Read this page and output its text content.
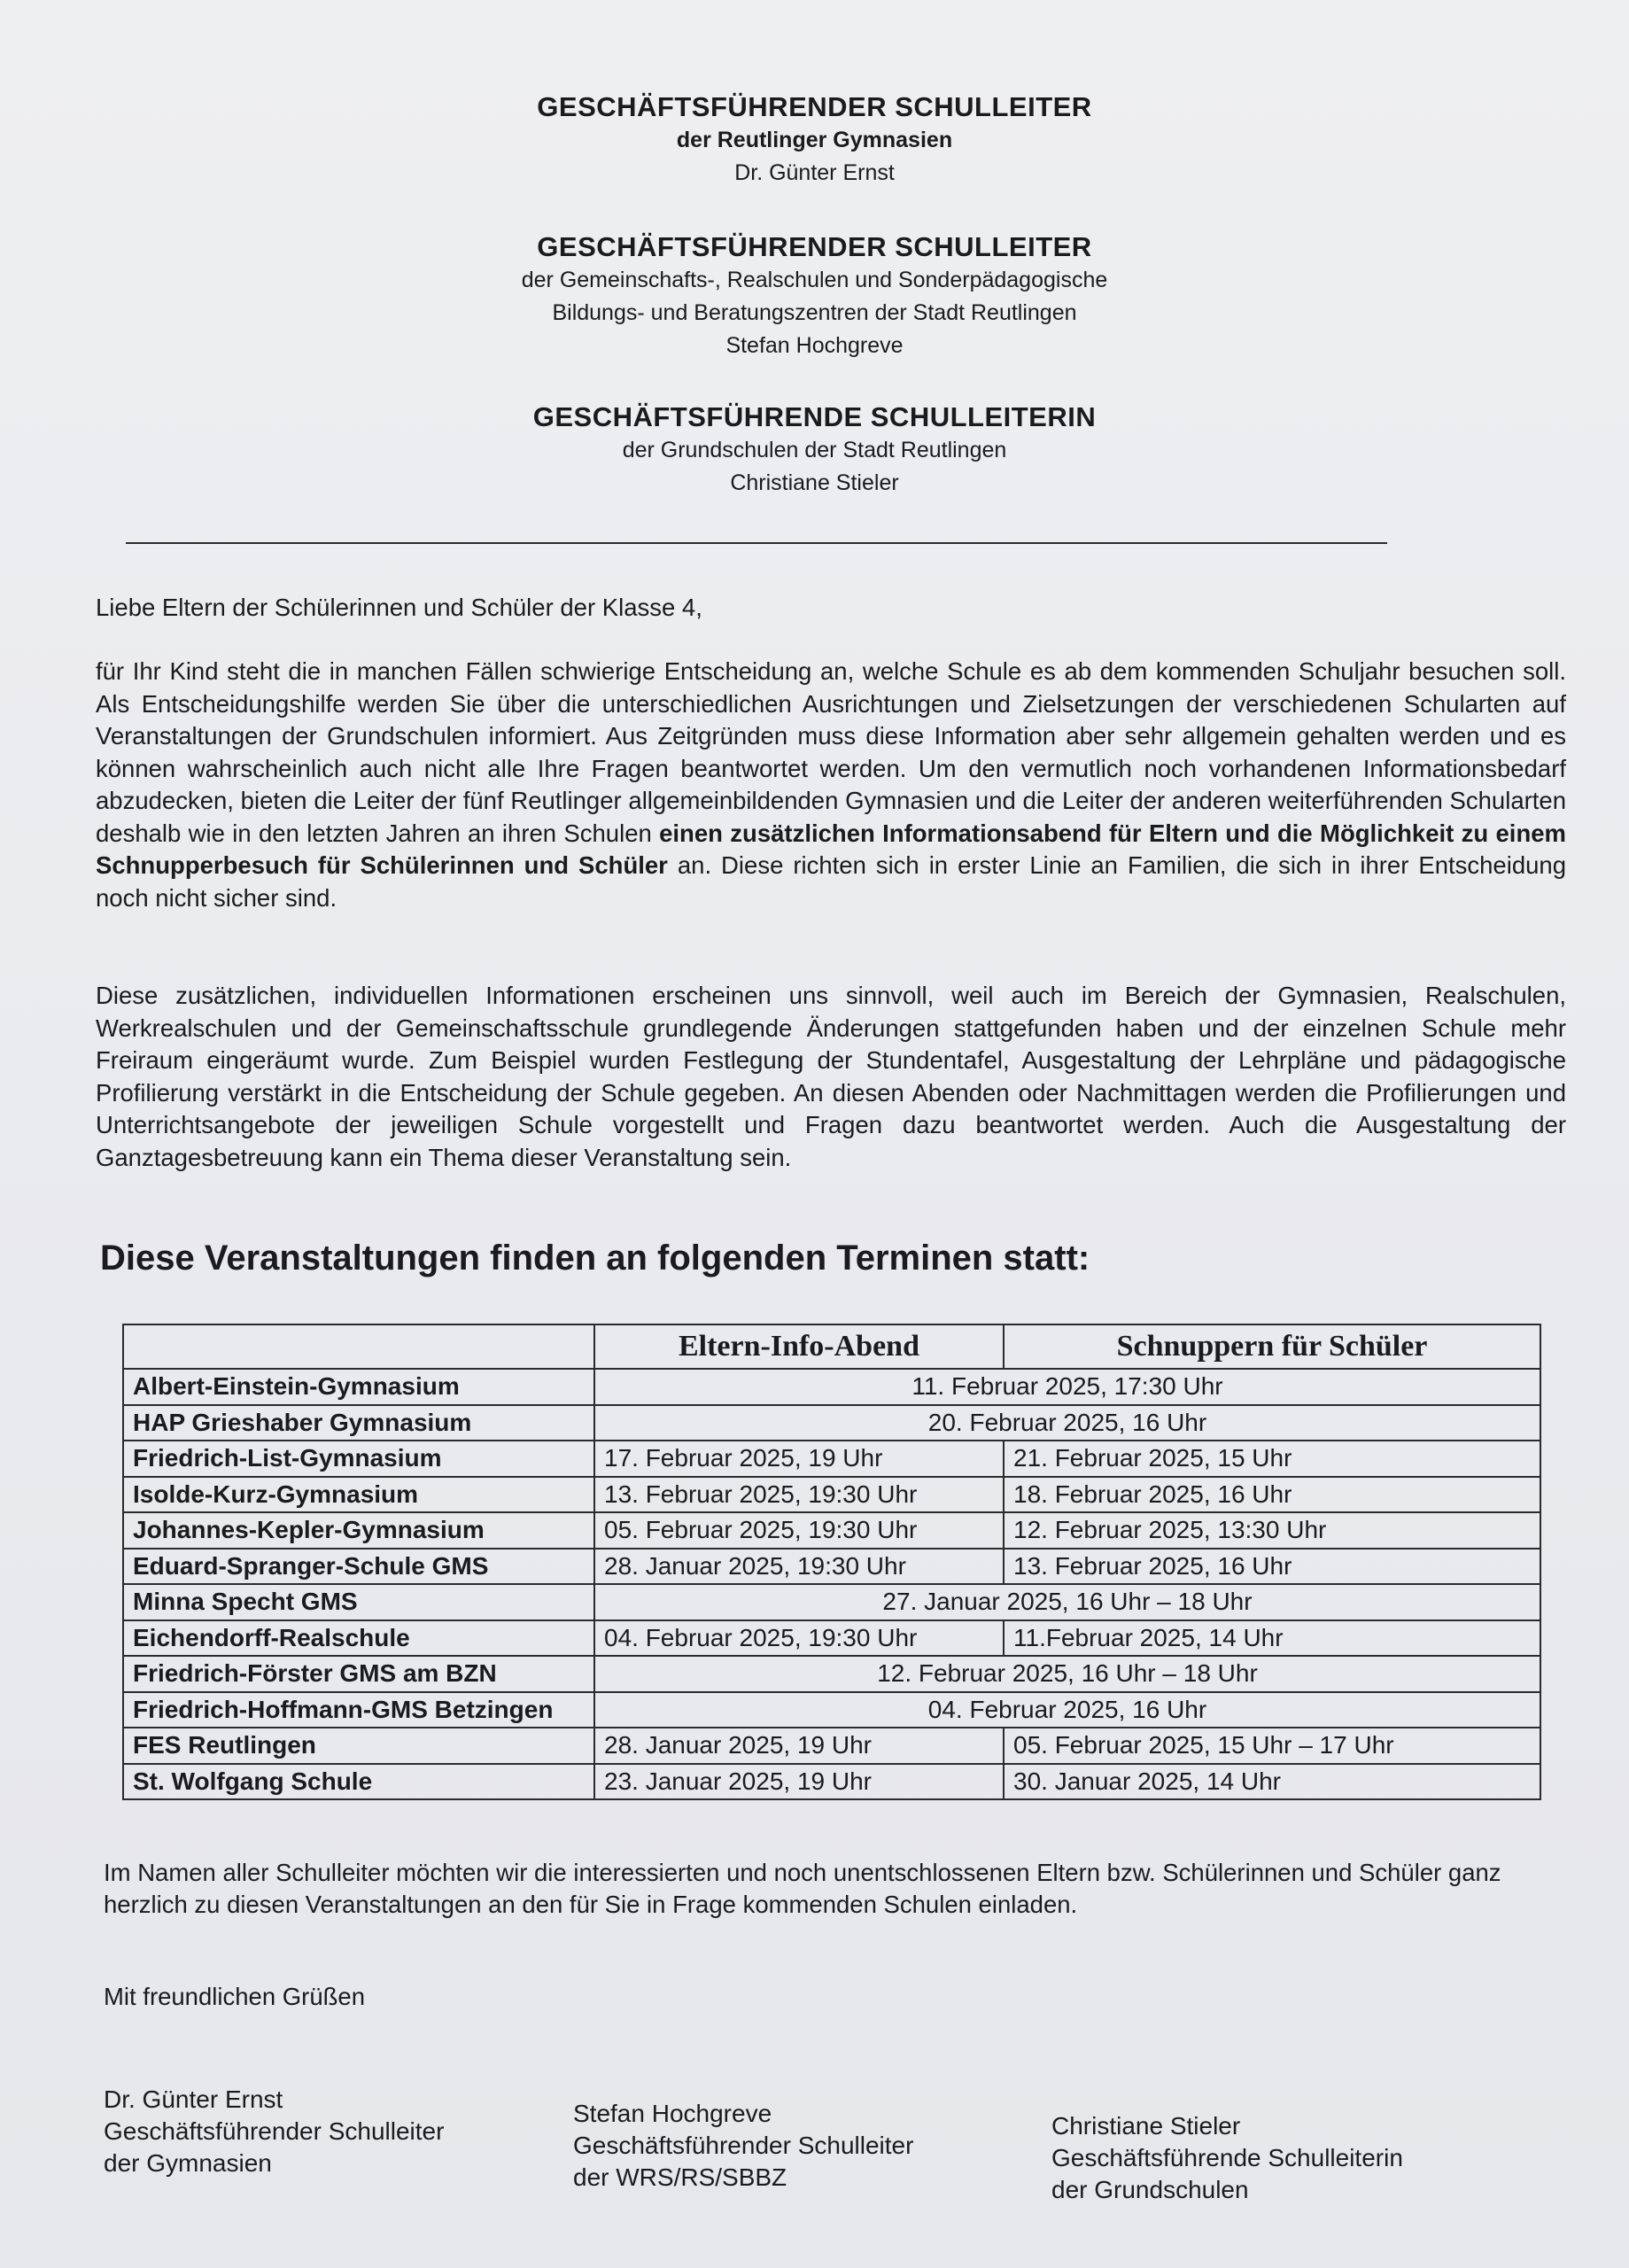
GESCHÄFTSFÜHRENDER SCHULLEITER

der Reutlinger Gymnasien

Dr. Günter Ernst

GESCHÄFTSFÜHRENDER SCHULLEITER

der Gemeinschafts-, Realschulen und Sonderpädagogische

Bildungs- und Beratungszentren der Stadt Reutlingen

Stefan Hochgreve

GESCHÄFTSFÜHRENDE SCHULLEITERIN

der Grundschulen der Stadt Reutlingen

Christiane Stieler

Liebe Eltern der Schülerinnen und Schüler der Klasse 4,

für Ihr Kind steht die in manchen Fällen schwierige Entscheidung an, welche Schule es ab dem kommenden Schuljahr besuchen soll. Als Entscheidungshilfe werden Sie über die unterschiedlichen Ausrichtungen und Zielsetzungen der verschiedenen Schularten auf Veranstaltungen der Grundschulen informiert. Aus Zeitgründen muss diese Information aber sehr allgemein gehalten werden und es können wahrscheinlich auch nicht alle Ihre Fragen beantwortet werden. Um den vermutlich noch vorhandenen Informationsbedarf abzudecken, bieten die Leiter der fünf Reutlinger allgemeinbildenden Gymnasien und die Leiter der anderen weiterführenden Schularten deshalb wie in den letzten Jahren an ihren Schulen einen zusätzlichen Informationsabend für Eltern und die Möglichkeit zu einem Schnupperbesuch für Schülerinnen und Schüler an. Diese richten sich in erster Linie an Familien, die sich in ihrer Entscheidung noch nicht sicher sind.

Diese zusätzlichen, individuellen Informationen erscheinen uns sinnvoll, weil auch im Bereich der Gymnasien, Realschulen, Werkrealschulen und der Gemeinschaftsschule grundlegende Änderungen stattgefunden haben und der einzelnen Schule mehr Freiraum eingeräumt wurde. Zum Beispiel wurden Festlegung der Stundentafel, Ausgestaltung der Lehrpläne und pädagogische Profilierung verstärkt in die Entscheidung der Schule gegeben. An diesen Abenden oder Nachmittagen werden die Profilierungen und Unterrichtsangebote der jeweiligen Schule vorgestellt und Fragen dazu beantwortet werden. Auch die Ausgestaltung der Ganztagesbetreuung kann ein Thema dieser Veranstaltung sein.

Diese Veranstaltungen finden an folgenden Terminen statt:

	Eltern-Info-Abend	Schnuppern für Schüler
Albert-Einstein-Gymnasium	11. Februar 2025, 17:30 Uhr	
HAP Grieshaber Gymnasium	20. Februar 2025, 16 Uhr	
Friedrich-List-Gymnasium	17. Februar 2025, 19 Uhr	21. Februar 2025, 15 Uhr
Isolde-Kurz-Gymnasium	13. Februar 2025, 19:30 Uhr	18. Februar 2025, 16 Uhr
Johannes-Kepler-Gymnasium	05. Februar 2025, 19:30 Uhr	12. Februar 2025, 13:30 Uhr
Eduard-Spranger-Schule GMS	28. Januar 2025, 19:30 Uhr	13. Februar 2025, 16 Uhr
Minna Specht GMS	27. Januar 2025, 16 Uhr – 18 Uhr	
Eichendorff-Realschule	04. Februar 2025, 19:30 Uhr	11.Februar 2025, 14 Uhr
Friedrich-Förster GMS am BZN	12. Februar 2025, 16 Uhr – 18 Uhr	
Friedrich-Hoffmann-GMS Betzingen	04. Februar 2025, 16 Uhr	
FES Reutlingen	28. Januar 2025, 19 Uhr	05. Februar 2025, 15 Uhr – 17 Uhr
St. Wolfgang Schule	23. Januar 2025, 19 Uhr	30. Januar 2025, 14 Uhr

Im Namen aller Schulleiter möchten wir die interessierten und noch unentschlossenen Eltern bzw. Schülerinnen und Schüler ganz herzlich zu diesen Veranstaltungen an den für Sie in Frage kommenden Schulen einladen.

Mit freundlichen Grüßen

Dr. Günter Ernst
Geschäftsführender Schulleiter
der Gymnasien
Stefan Hochgreve
Geschäftsführender Schulleiter
der WRS/RS/SBBZ
Christiane Stieler
Geschäftsführende Schulleiterin
der Grundschulen
